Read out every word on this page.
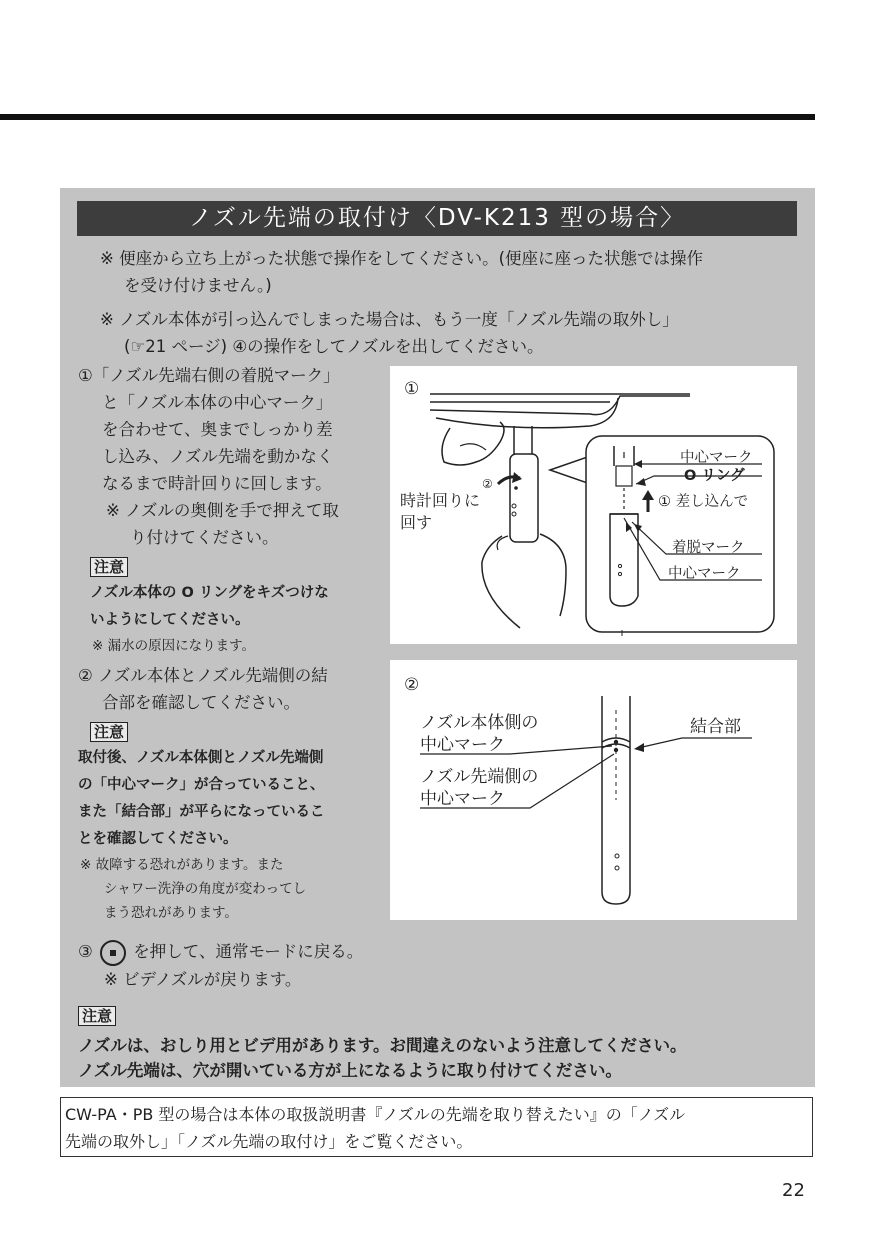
ノズル先端の取付け〈DV-K213 型の場合〉
※ 便座から立ち上がった状態で操作をしてください。(便座に座った状態では操作
を受け付けません。)
※ ノズル本体が引っ込んでしまった場合は、もう一度「ノズル先端の取外し」
(☞21 ページ) ④の操作をしてノズルを出してください。
①「ノズル先端右側の着脱マーク」
と「ノズル本体の中心マーク」
を合わせて、奥までしっかり差
し込み、ノズル先端を動かなく
なるまで時計回りに回します。
※ ノズルの奥側を手で押えて取
り付けてください。
注意
ノズル本体の O リングをキズつけな
いようにしてください。
※ 漏水の原因になります。
①
②
時計回りに
回す
中心マーク
O リング
① 差し込んで
着脱マーク
中心マーク
② ノズル本体とノズル先端側の結
合部を確認してください。
注意
取付後、ノズル本体側とノズル先端側
の「中心マーク」が合っていること、
また「結合部」が平らになっているこ
とを確認してください。
※ 故障する恐れがあります。また
シャワー洗浄の角度が変わってし
まう恐れがあります。
②
ノズル本体側の
中心マーク
ノズル先端側の
中心マーク
結合部
③ を押して、通常モードに戻る。
※ ビデノズルが戻ります。
注意
ノズルは、おしり用とビデ用があります。お間違えのないよう注意してください。
ノズル先端は、穴が開いている方が上になるように取り付けてください。
CW-PA・PB 型の場合は本体の取扱説明書『ノズルの先端を取り替えたい』の「ノズル
先端の取外し」「ノズル先端の取付け」をご覧ください。
22
